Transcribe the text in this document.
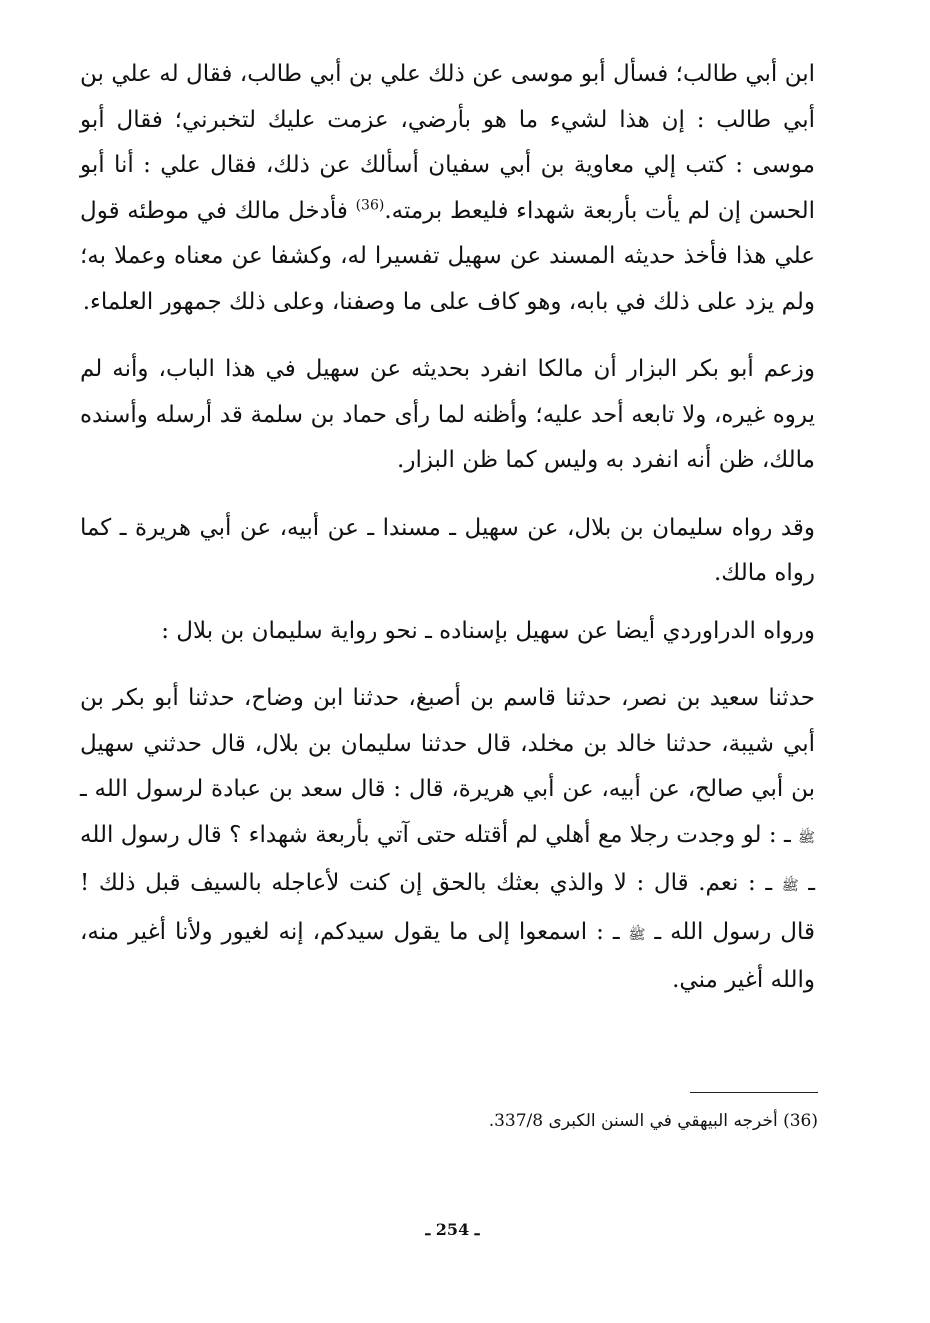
ابن أبي طالب؛ فسأل أبو موسى عن ذلك علي بن أبي طالب، فقال له علي بن أبي طالب : إن هذا لشيء ما هو بأرضي، عزمت عليك لتخبرني؛ فقال أبو موسى : كتب إلي معاوية بن أبي سفيان أسألك عن ذلك، فقال علي : أنا أبو الحسن إن لم يأت بأربعة شهداء فليعط برمته.$^{(36)}$ فأدخل مالك في موطئه قول علي هذا فأخذ حديثه المسند عن سهيل تفسيرا له، وكشفا عن معناه وعملا به؛ ولم يزد على ذلك في بابه، وهو كاف على ما وصفنا، وعلى ذلك جمهور العلماء.

وزعم أبو بكر البزار أن مالكا انفرد بحديثه عن سهيل في هذا الباب، وأنه لم يروه غيره، ولا تابعه أحد عليه؛ وأظنه لما رأى حماد بن سلمة قد أرسله وأسنده مالك، ظن أنه انفرد به وليس كما ظن البزار.

وقد رواه سليمان بن بلال، عن سهيل ـ مسندا ـ عن أبيه، عن أبي هريرة ـ كما رواه مالك.

ورواه الدراوردي أيضا عن سهيل بإسناده ـ نحو رواية سليمان بن بلال :

حدثنا سعيد بن نصر، حدثنا قاسم بن أصبغ، حدثنا ابن وضاح، حدثنا أبو بكر بن أبي شيبة، حدثنا خالد بن مخلد، قال حدثنا سليمان بن بلال، قال حدثني سهيل بن أبي صالح، عن أبيه، عن أبي هريرة، قال : قال سعد بن عبادة لرسول الله ـ ﷺ ـ : لو وجدت رجلا مع أهلي لم أقتله حتى آتي بأربعة شهداء ؟ قال رسول الله ـ ﷺ ـ : نعم. قال : لا والذي بعثك بالحق إن كنت لأعاجله بالسيف قبل ذلك ! قال رسول الله ـ ﷺ ـ : اسمعوا إلى ما يقول سيدكم، إنه لغيور ولأنا أغير منه، والله أغير مني.

(36) أخرجه البيهقي في السنن الكبرى 337/8.
ـ 254 ـ
